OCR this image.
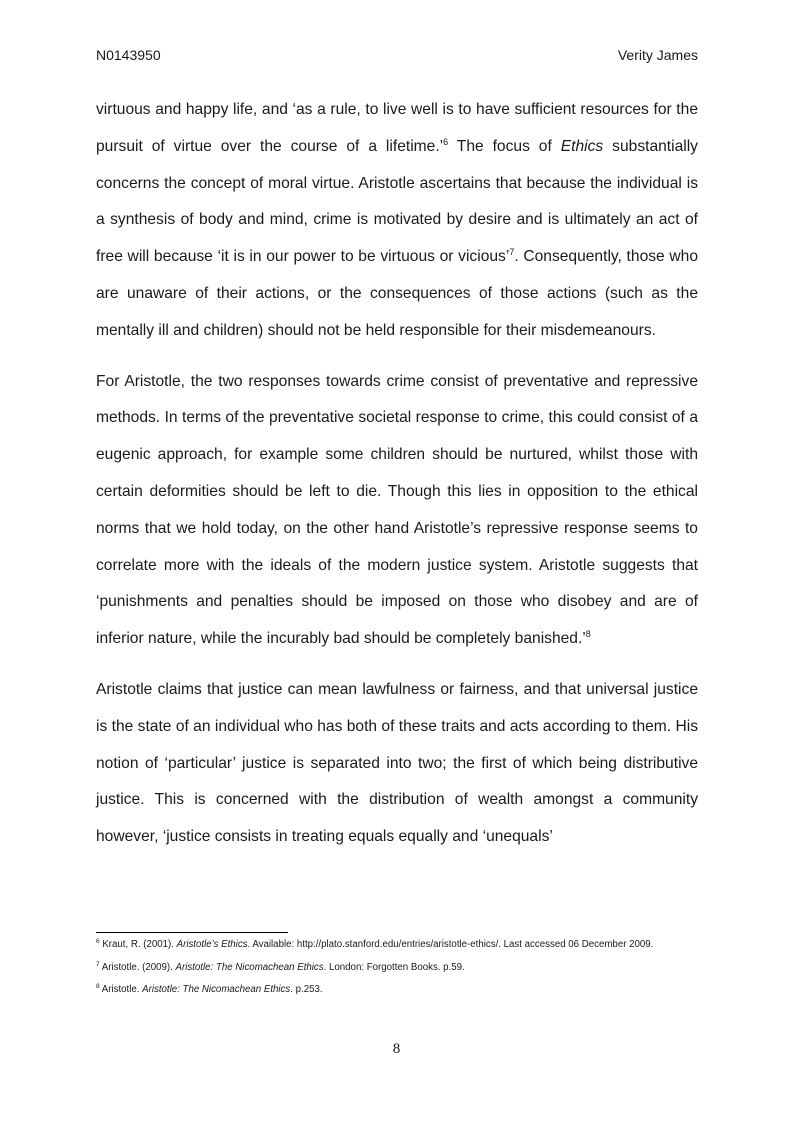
N0143950	Verity James

virtuous and happy life, and ‘as a rule, to live well is to have sufficient resources for the pursuit of virtue over the course of a lifetime.’$^6$ The focus of Ethics substantially concerns the concept of moral virtue. Aristotle ascertains that because the individual is a synthesis of body and mind, crime is motivated by desire and is ultimately an act of free will because ‘it is in our power to be virtuous or vicious’$^7$. Consequently, those who are unaware of their actions, or the consequences of those actions (such as the mentally ill and children) should not be held responsible for their misdemeanours.

For Aristotle, the two responses towards crime consist of preventative and repressive methods. In terms of the preventative societal response to crime, this could consist of a eugenic approach, for example some children should be nurtured, whilst those with certain deformities should be left to die. Though this lies in opposition to the ethical norms that we hold today, on the other hand Aristotle’s repressive response seems to correlate more with the ideals of the modern justice system. Aristotle suggests that ‘punishments and penalties should be imposed on those who disobey and are of inferior nature, while the incurably bad should be completely banished.’$^8$

Aristotle claims that justice can mean lawfulness or fairness, and that universal justice is the state of an individual who has both of these traits and acts according to them. His notion of ‘particular’ justice is separated into two; the first of which being distributive justice. This is concerned with the distribution of wealth amongst a community however, ‘justice consists in treating equals equally and ‘unequals’

$^6$ Kraut, R. (2001). Aristotle’s Ethics. Available: http://plato.stanford.edu/entries/aristotle-ethics/. Last accessed 06 December 2009.

$^7$ Aristotle. (2009). Aristotle: The Nicomachean Ethics. London: Forgotten Books. p.59.

$^8$ Aristotle. Aristotle: The Nicomachean Ethics. p.253.

8
